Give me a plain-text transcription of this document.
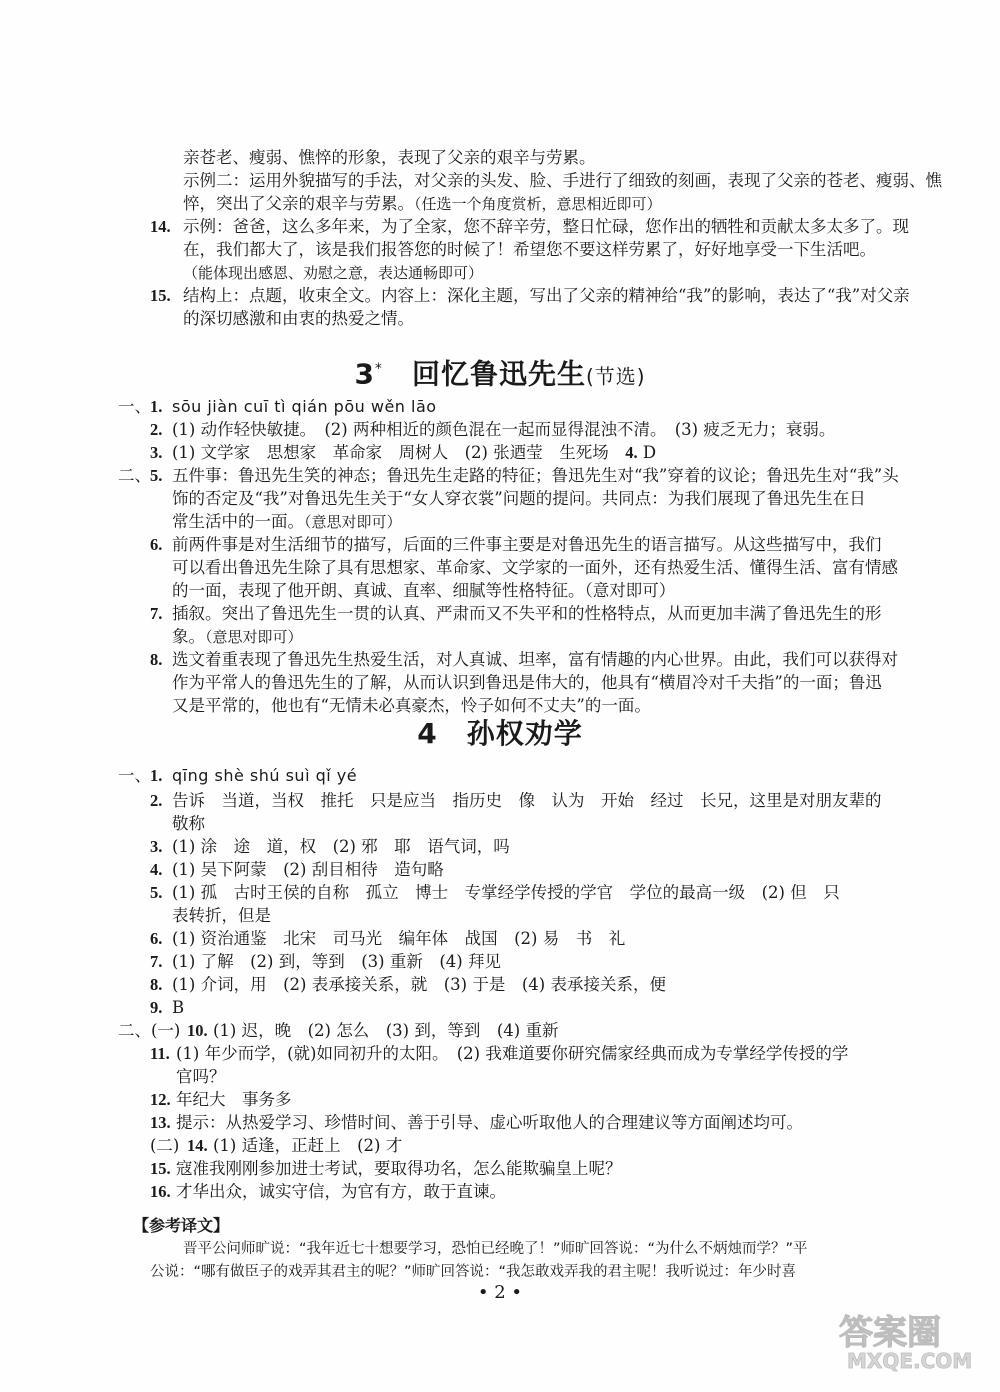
亲苍老、瘦弱、憔悴的形象，表现了父亲的艰辛与劳累。
示例二：运用外貌描写的手法，对父亲的头发、脸、手进行了细致的刻画，表现了父亲的苍老、瘦弱、憔
悴，突出了父亲的艰辛与劳累。（任选一个角度赏析，意思相近即可）
14. 示例：爸爸，这么多年来，为了全家，您不辞辛劳，整日忙碌，您作出的牺牲和贡献太多太多了。现
在，我们都大了，该是我们报答您的时候了！希望您不要这样劳累了，好好地享受一下生活吧。
（能体现出感恩、劝慰之意，表达通畅即可）
15. 结构上：点题，收束全文。内容上：深化主题，写出了父亲的精神给“我”的影响，表达了“我”对父亲
的深切感激和由衷的热爱之情。
3*　 回忆鲁迅先生(节选)
一、 1. sōu jiàn cuī tì qián pōu wěn lāo
2. (1) 动作轻快敏捷。　(2) 两种相近的颜色混在一起而显得混浊不清。　(3) 疲乏无力；衰弱。
3. (1) 文学家　思想家　革命家　周树人　(2) 张迺莹　生死场　4. D
二、 5. 五件事：鲁迅先生笑的神态；鲁迅先生走路的特征；鲁迅先生对“我”穿着的议论；鲁迅先生对“我”头
饰的否定及“我”对鲁迅先生关于“女人穿衣裳”问题的提问。共同点：为我们展现了鲁迅先生在日
常生活中的一面。（意思对即可）
6. 前两件事是对生活细节的描写，后面的三件事主要是对鲁迅先生的语言描写。从这些描写中，我们
可以看出鲁迅先生除了具有思想家、革命家、文学家的一面外，还有热爱生活、懂得生活、富有情感
的一面，表现了他开朗、真诚、直率、细腻等性格特征。（意对即可）
7. 插叙。突出了鲁迅先生一贯的认真、严肃而又不失平和的性格特点，从而更加丰满了鲁迅先生的形
象。（意思对即可）
8. 选文着重表现了鲁迅先生热爱生活，对人真诚、坦率，富有情趣的内心世界。由此，我们可以获得对
作为平常人的鲁迅先生的了解，从而认识到鲁迅是伟大的，他具有“横眉冷对千夫指”的一面；鲁迅
又是平常的，他也有“无情未必真豪杰，怜子如何不丈夫”的一面。
4　 孙权劝学
一、 1. qīng shè shú suì qǐ yé
2. 告诉　当道，当权　推托　只是应当　指历史　像　认为　开始　经过　长兄，这里是对朋友辈的
敬称
3. (1) 涂　途　道，权　(2) 邪　耶　语气词，吗
4. (1) 吴下阿蒙　(2) 刮目相待　造句略
5. (1) 孤　古时王侯的自称　孤立　博士　专掌经学传授的学官　学位的最高一级　(2) 但　只
表转折，但是
6. (1) 资治通鉴　北宋　司马光　编年体　战国　(2) 易　书　礼
7. (1) 了解　(2) 到，等到　(3) 重新　(4) 拜见
8. (1) 介词，用　(2) 表承接关系，就　(3) 于是　(4) 表承接关系，便
9. B
二、(一) 10. (1) 迟，晚　(2) 怎么　(3) 到，等到　(4) 重新
11. (1) 年少而学，(就)如同初升的太阳。　(2) 我难道要你研究儒家经典而成为专掌经学传授的学
官吗？
12. 年纪大　事务多
13. 提示：从热爱学习、珍惜时间、善于引导、虚心听取他人的合理建议等方面阐述均可。
(二) 14. (1) 适逢，正赶上　(2) 才
15. 寇准我刚刚参加进士考试，要取得功名，怎么能欺骗皇上呢？
16. 才华出众，诚实守信，为官有方，敢于直谏。
【参考译文】
晋平公问师旷说：“我年近七十想要学习，恐怕已经晚了！”师旷回答说：“为什么不炳烛而学？”平
公说：“哪有做臣子的戏弄其君主的呢？”师旷回答说：“我怎敢戏弄我的君主呢！我听说过：年少时喜
• 2 •
答案圈
MXQE.COM
